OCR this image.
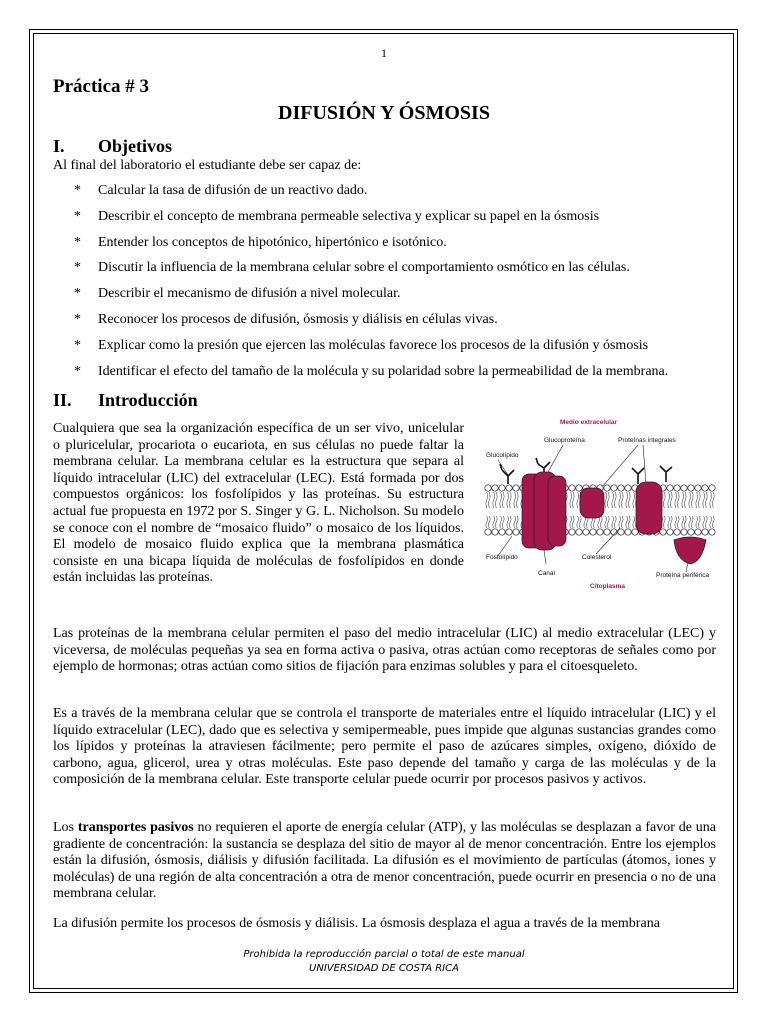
1
Práctica # 3
DIFUSIÓN Y ÓSMOSIS
I. Objetivos
Al final del laboratorio el estudiante debe ser capaz de:
* Calcular la tasa de difusión de un reactivo dado.
* Describir el concepto de membrana permeable selectiva y explicar su papel en la ósmosis
* Entender los conceptos de hipotónico, hipertónico e isotónico.
* Discutir la influencia de la membrana celular sobre el comportamiento osmótico en las células.
* Describir el mecanismo de difusión a nivel molecular.
* Reconocer los procesos de difusión, ósmosis y diálisis en células vivas.
* Explicar como la presión que ejercen las moléculas favorece los procesos de la difusión y ósmosis
* Identificar el efecto del tamaño de la molécula y su polaridad sobre la permeabilidad de la membrana.
II. Introducción

Cualquiera que sea la organización específica de un ser vivo, unicelular o pluricelular, procariota o eucariota, en sus células no puede faltar la membrana celular. La membrana celular es la estructura que separa al líquido intracelular (LIC) del extracelular (LEC). Está formada por dos compuestos orgánicos: los fosfolípidos y las proteínas. Su estructura actual fue propuesta en 1972 por S. Singer y G. L. Nicholson. Su modelo se conoce con el nombre de “mosaico fluido” o mosaico de los líquidos. El modelo de mosaico fluido explica que la membrana plasmática consiste en una bicapa líquida de moléculas de fosfolípidos en donde están incluidas las proteínas.

Medio extracelular
Glucoproteína	Proteínas integrales
Glucolípido
Fosfolípido	Colesterol
Canal	Proteína periférica
Citoplasma

Las proteínas de la membrana celular permiten el paso del medio intracelular (LIC) al medio extracelular (LEC) y viceversa, de moléculas pequeñas ya sea en forma activa o pasiva, otras actúan como receptoras de señales como por ejemplo de hormonas; otras actúan como sitios de fijación para enzimas solubles y para el citoesqueleto.

Es a través de la membrana celular que se controla el transporte de materiales entre el líquido intracelular (LIC) y el líquido extracelular (LEC), dado que es selectiva y semipermeable, pues impide que algunas sustancias grandes como los lípidos y proteínas la atraviesen fácilmente; pero permite el paso de azúcares simples, oxígeno, dióxido de carbono, agua, glicerol, urea y otras moléculas. Este paso depende del tamaño y carga de las moléculas y de la composición de la membrana celular. Este transporte celular puede ocurrir por procesos pasivos y activos.

Los transportes pasivos no requieren el aporte de energía celular (ATP), y las moléculas se desplazan a favor de una gradiente de concentración: la sustancia se desplaza del sitio de mayor al de menor concentración. Entre los ejemplos están la difusión, ósmosis, diálisis y difusión facilitada. La difusión es el movimiento de partículas (átomos, iones y moléculas) de una región de alta concentración a otra de menor concentración, puede ocurrir en presencia o no de una membrana celular.

La difusión permite los procesos de ósmosis y diálisis. La ósmosis desplaza el agua a través de la membrana

Prohibida la reproducción parcial o total de este manual
UNIVERSIDAD DE COSTA RICA
